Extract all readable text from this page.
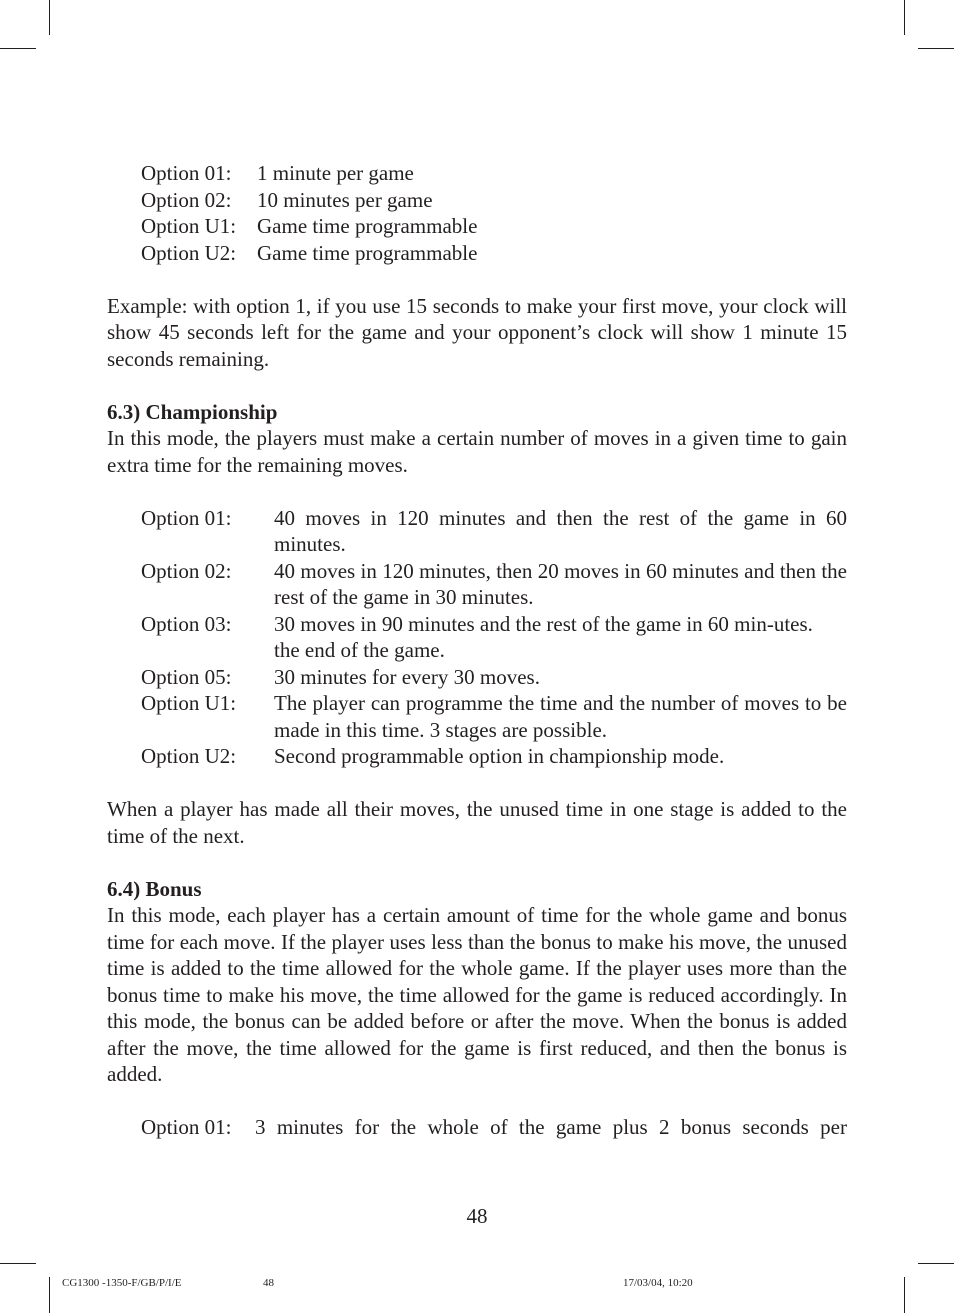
Option 01:	1 minute per game
Option 02:	10 minutes per game
Option U1: Game time programmable
Option U2: Game time programmable

Example: with option 1, if you use 15 seconds to make your first move, your clock will show 45 seconds left for the game and your opponent’s clock will show 1 minute 15 seconds remaining.

6.3) Championship

In this mode, the players must make a certain number of moves in a given time to gain extra time for the remaining moves.

Option 01:	40 moves in 120 minutes and then the rest of the game in 60 minutes.
Option 02:	40 moves in 120 minutes, then 20 moves in 60 minutes and then the rest of the game in 30 minutes.
Option 03:	30 moves in 90 minutes and the rest of the game in 60 min-utes.
the end of the game.
Option 05:	30 minutes for every 30 moves.
Option U1:	The player can programme the time and the number of moves to be made in this time. 3 stages are possible.
Option U2:	Second programmable option in championship mode.

When a player has made all their moves, the unused time in one stage is added to the time of the next.

6.4) Bonus

In this mode, each player has a certain amount of time for the whole game and bonus time for each move. If the player uses less than the bonus to make his move, the unused time is added to the time allowed for the whole game. If the player uses more than the bonus time to make his move, the time allowed for the game is reduced accordingly. In this mode, the bonus can be added before or after the move. When the bonus is added after the move, the time allowed for the game is first reduced, and then the bonus is added.

Option 01:	3 minutes for the whole of the game plus 2 bonus seconds per
48
CG1300 -1350-F/GB/P/I/E	48	17/03/04, 10:20
